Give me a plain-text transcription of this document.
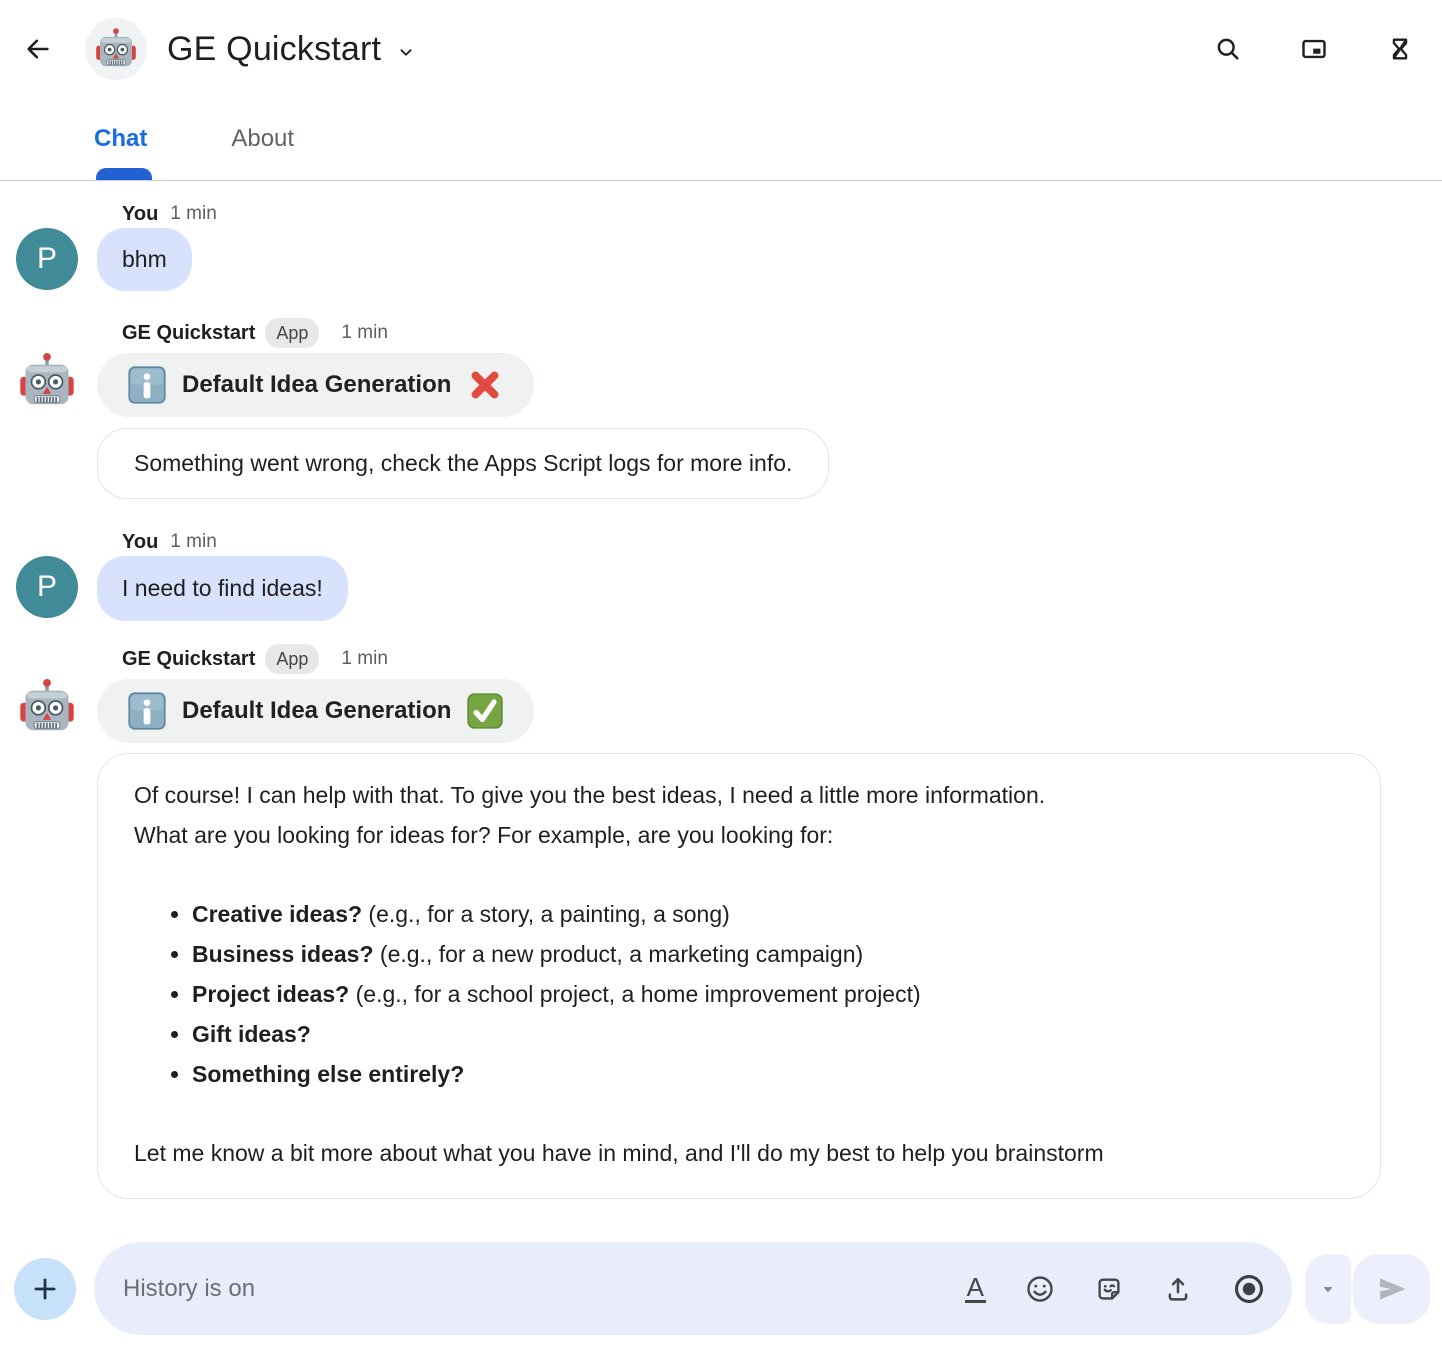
GE Quickstart
Chat	About
You 1 min
P	bhm
GE Quickstart	App	1 min
Default Idea Generation
Something went wrong, check the Apps Script logs for more info.
You 1 min
P	I need to find ideas!
GE Quickstart	App	1 min
Default Idea Generation
Of course! I can help with that. To give you the best ideas, I need a little more information.
What are you looking for ideas for? For example, are you looking for:
• Creative ideas? (e.g., for a story, a painting, a song)
• Business ideas? (e.g., for a new product, a marketing campaign)
• Project ideas? (e.g., for a school project, a home improvement project)
• Gift ideas?
• Something else entirely?
Let me know a bit more about what you have in mind, and I'll do my best to help you brainstorm
History is on
A
